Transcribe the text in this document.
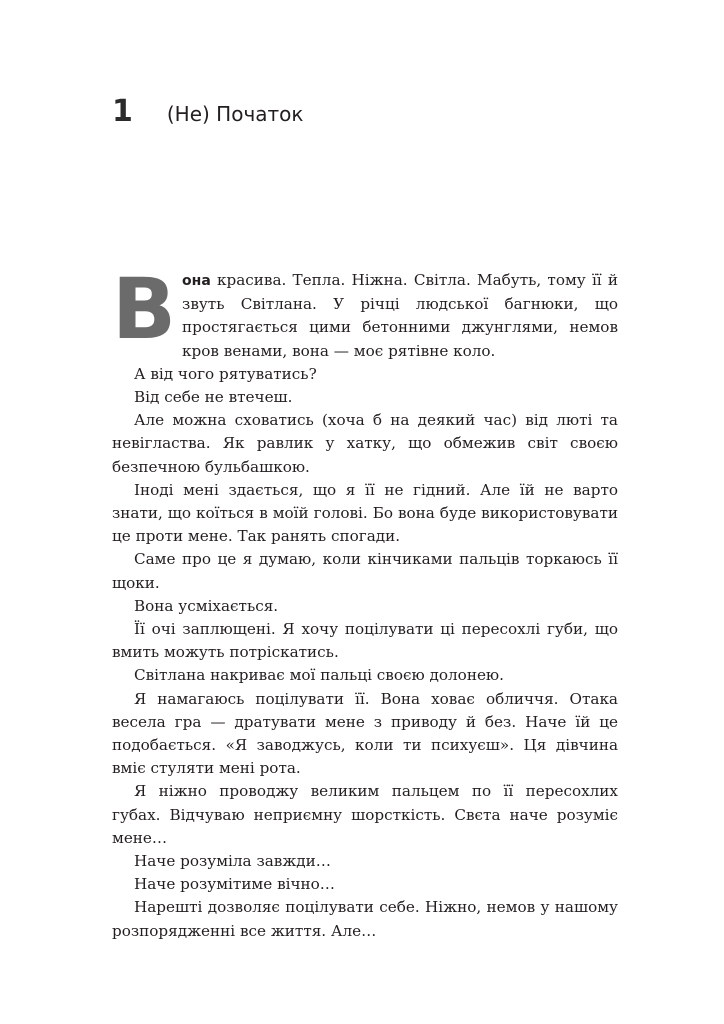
1 (Не) Початок

Вона красива. Тепла. Ніжна. Світла. Мабуть, тому її й звуть Світлана. У річці людської багнюки, що простягається цими бетонними джунглями, немов кров венами, вона — моє рятівне коло.

А від чого рятуватись?

Від себе не втечеш.

Але можна сховатись (хоча б на деякий час) від люті та невігластва. Як равлик у хатку, що обмежив світ своєю безпечною бульбашкою.

Іноді мені здається, що я її не гідний. Але їй не варто знати, що коїться в моїй голові. Бо вона буде використовувати це проти мене. Так ранять спогади.

Саме про це я думаю, коли кінчиками пальців торкаюсь її щоки.

Вона усміхається.

Її очі заплющені. Я хочу поцілувати ці пересохлі губи, що вмить можуть потріскатись.

Світлана накриває мої пальці своєю долонею.

Я намагаюсь поцілувати її. Вона ховає обличчя. Отака весела гра — дратувати мене з приводу й без. Наче їй це подобається. «Я заводжусь, коли ти психуєш». Ця дівчина вміє стуляти мені рота.

Я ніжно проводжу великим пальцем по її пересохлих губах. Відчуваю неприємну шорсткість. Свєта наче розуміє мене…

Наче розуміла завжди…

Наче розумітиме вічно…

Нарешті дозволяє поцілувати себе. Ніжно, немов у нашому розпорядженні все життя. Але…
